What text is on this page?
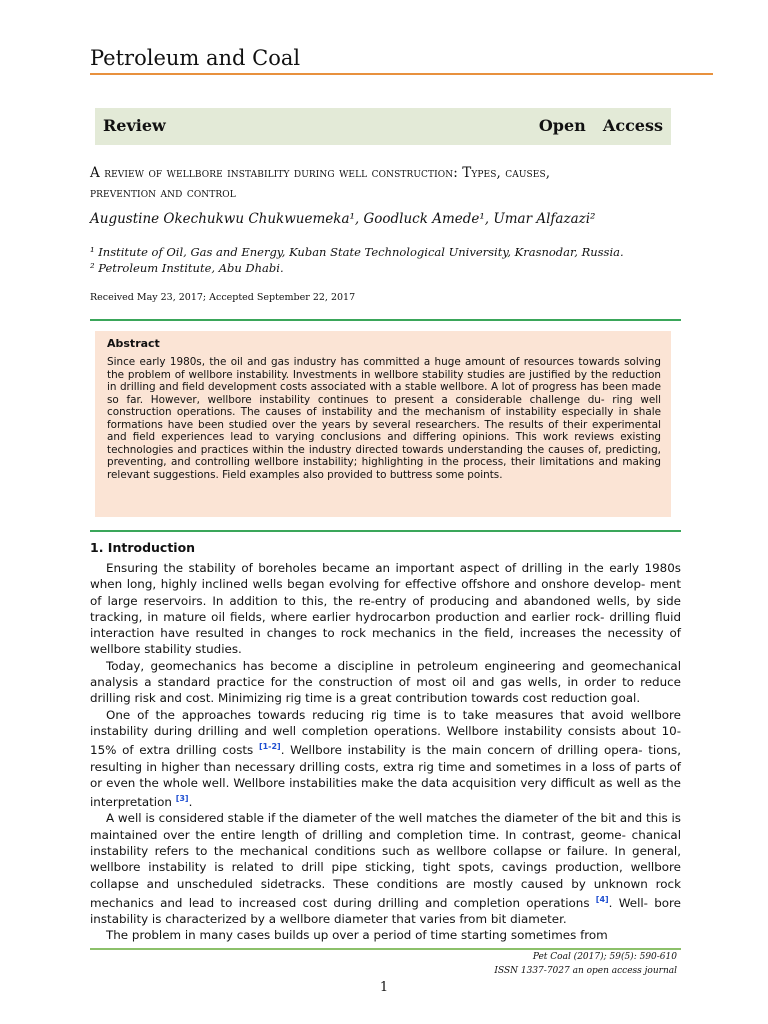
Petroleum and Coal
Review	Open  Access
A review of wellbore instability during well construction: Types, causes,
prevention and control
Augustine Okechukwu Chukwuemeka¹, Goodluck Amede¹, Umar Alfazazi²
¹ Institute of Oil, Gas and Energy, Kuban State Technological University, Krasnodar, Russia.
² Petroleum Institute, Abu Dhabi.
Received May 23, 2017; Accepted September 22, 2017
Abstract

Since early 1980s, the oil and gas industry has committed a huge amount of resources towards solving the problem of wellbore instability. Investments in wellbore stability studies are justified by the reduction in drilling and field development costs associated with a stable wellbore. A lot of progress has been made so far. However, wellbore instability continues to present a considerable challenge du- ring well construction operations. The causes of instability and the mechanism of instability especially in shale formations have been studied over the years by several researchers. The results of their experimental and field experiences lead to varying conclusions and differing opinions. This work reviews existing technologies and practices within the industry directed towards understanding the causes of, predicting, preventing, and controlling wellbore instability; highlighting in the process, their limitations and making relevant suggestions. Field examples also provided to buttress some points.

1. Introduction

Ensuring the stability of boreholes became an important aspect of drilling in the early 1980s when long, highly inclined wells began evolving for effective offshore and onshore develop- ment of large reservoirs. In addition to this, the re-entry of producing and abandoned wells, by side tracking, in mature oil fields, where earlier hydrocarbon production and earlier rock- drilling fluid interaction have resulted in changes to rock mechanics in the field, increases the necessity of wellbore stability studies.

Today, geomechanics has become a discipline in petroleum engineering and geomechanical analysis a standard practice for the construction of most oil and gas wells, in order to reduce drilling risk and cost. Minimizing rig time is a great contribution towards cost reduction goal.

One of the approaches towards reducing rig time is to take measures that avoid wellbore instability during drilling and well completion operations. Wellbore instability consists about 10-15% of extra drilling costs [1-2]. Wellbore instability is the main concern of drilling opera- tions, resulting in higher than necessary drilling costs, extra rig time and sometimes in a loss of parts of or even the whole well. Wellbore instabilities make the data acquisition very difficult as well as the interpretation [3].

A well is considered stable if the diameter of the well matches the diameter of the bit and this is maintained over the entire length of drilling and completion time. In contrast, geome- chanical instability refers to the mechanical conditions such as wellbore collapse or failure. In general, wellbore instability is related to drill pipe sticking, tight spots, cavings production, wellbore collapse and unscheduled sidetracks. These conditions are mostly caused by unknown rock mechanics and lead to increased cost during drilling and completion operations [4]. Well- bore instability is characterized by a wellbore diameter that varies from bit diameter.

The problem in many cases builds up over a period of time starting sometimes from

Pet Coal (2017); 59(5): 590-610
ISSN 1337-7027 an open access journal
1
